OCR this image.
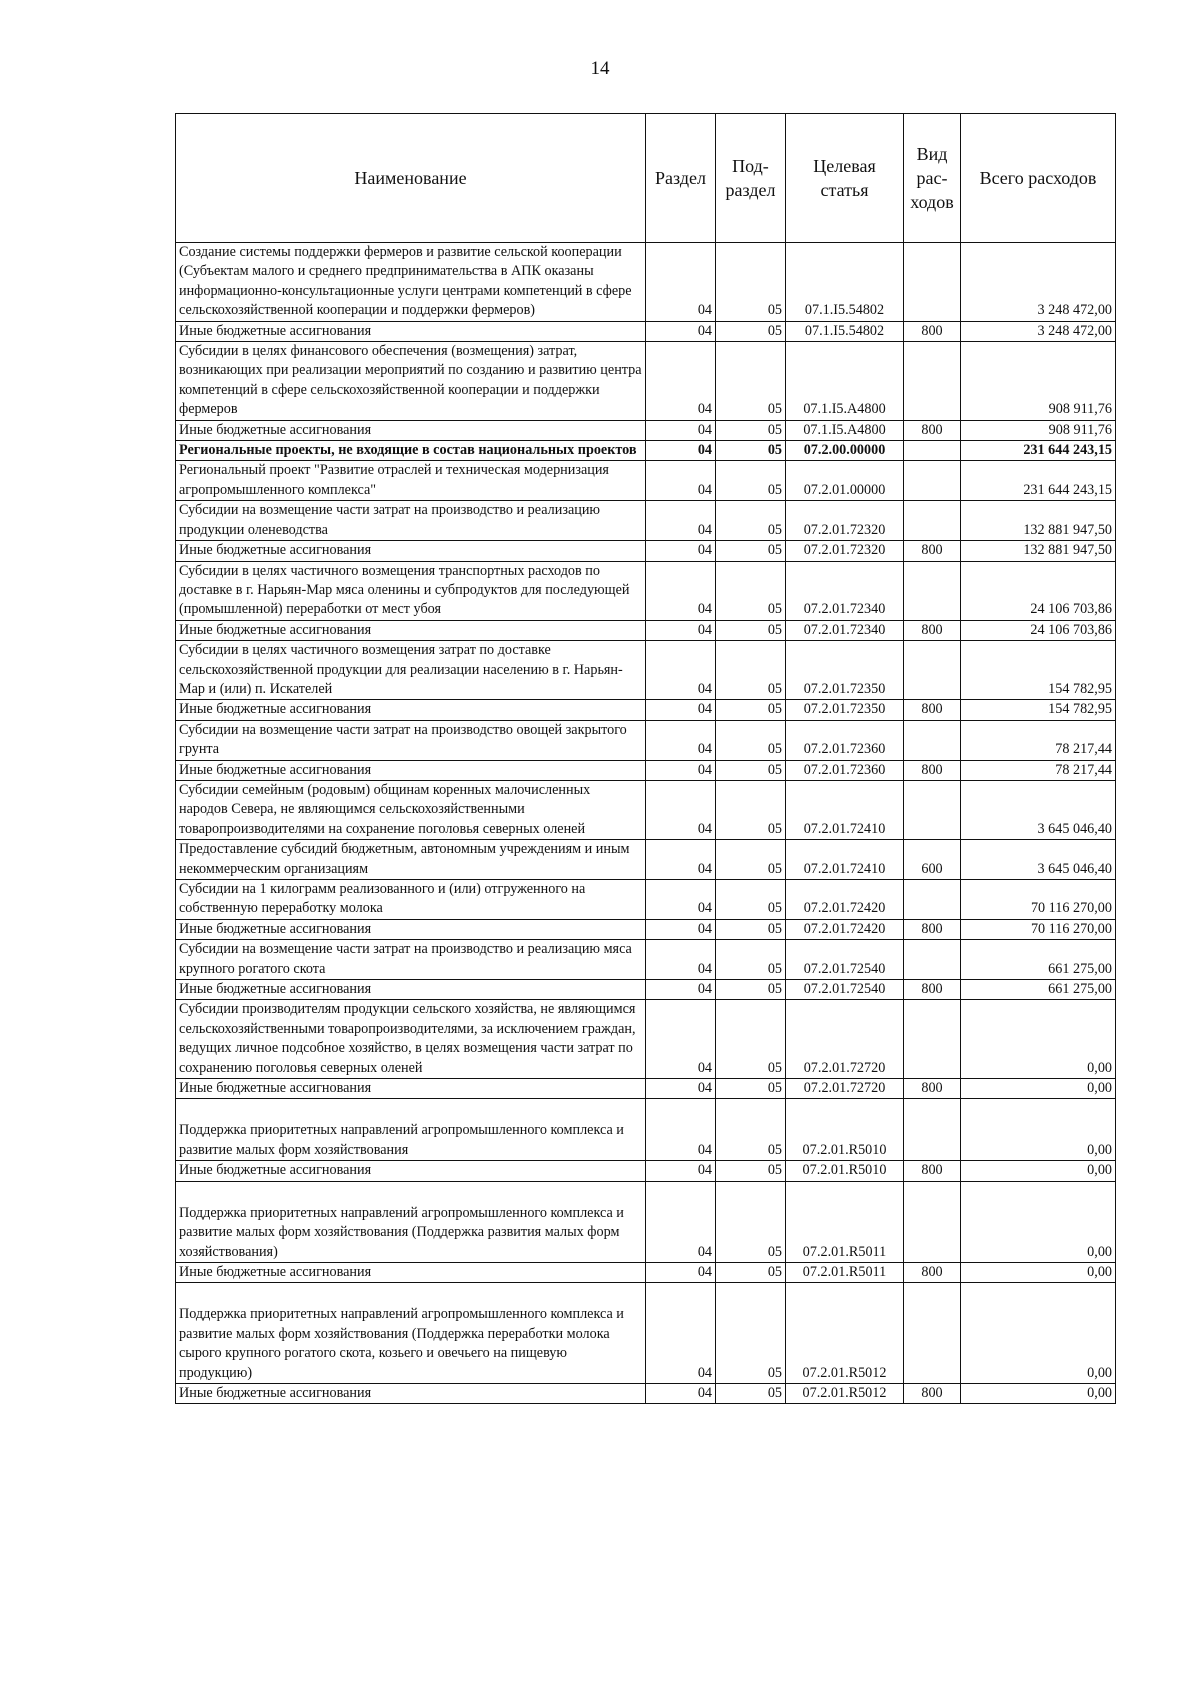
14
Наименование	Раздел	Под-раздел	Целевая статья	Вид рас-ходов	Всего расходов
Создание системы поддержки фермеров и развитие сельской кооперации (Субъектам малого и среднего предпринимательства в АПК оказаны информационно-консультационные услуги центрами компетенций в сфере сельскохозяйственной кооперации и поддержки фермеров)	04	05	07.1.I5.54802		3 248 472,00
Иные бюджетные ассигнования	04	05	07.1.I5.54802	800	3 248 472,00
Субсидии в целях финансового обеспечения (возмещения) затрат, возникающих при реализации мероприятий по созданию и развитию центра компетенций в сфере сельскохозяйственной кооперации и поддержки фермеров	04	05	07.1.I5.A4800		908 911,76
Иные бюджетные ассигнования	04	05	07.1.I5.A4800	800	908 911,76
Региональные проекты, не входящие в состав национальных проектов	04	05	07.2.00.00000		231 644 243,15
Региональный проект "Развитие отраслей и техническая модернизация агропромышленного комплекса"	04	05	07.2.01.00000		231 644 243,15
Субсидии на возмещение части затрат на производство и реализацию продукции оленеводства	04	05	07.2.01.72320		132 881 947,50
Иные бюджетные ассигнования	04	05	07.2.01.72320	800	132 881 947,50
Субсидии в целях частичного возмещения транспортных расходов по доставке в г. Нарьян-Мар мяса оленины и субпродуктов для последующей (промышленной) переработки от мест убоя	04	05	07.2.01.72340		24 106 703,86
Иные бюджетные ассигнования	04	05	07.2.01.72340	800	24 106 703,86
Субсидии в целях частичного возмещения затрат по доставке сельскохозяйственной продукции для реализации населению в г. Нарьян-Мар и (или) п. Искателей	04	05	07.2.01.72350		154 782,95
Иные бюджетные ассигнования	04	05	07.2.01.72350	800	154 782,95
Субсидии на возмещение части затрат на производство овощей закрытого грунта	04	05	07.2.01.72360		78 217,44
Иные бюджетные ассигнования	04	05	07.2.01.72360	800	78 217,44
Субсидии семейным (родовым) общинам коренных малочисленных народов Севера, не являющимся сельскохозяйственными товаропроизводителями на сохранение поголовья северных оленей	04	05	07.2.01.72410		3 645 046,40
Предоставление субсидий бюджетным, автономным учреждениям и иным некоммерческим организациям	04	05	07.2.01.72410	600	3 645 046,40
Субсидии на 1 килограмм реализованного и (или) отгруженного на собственную переработку молока	04	05	07.2.01.72420		70 116 270,00
Иные бюджетные ассигнования	04	05	07.2.01.72420	800	70 116 270,00
Субсидии на возмещение части затрат на производство и реализацию мяса крупного рогатого скота	04	05	07.2.01.72540		661 275,00
Иные бюджетные ассигнования	04	05	07.2.01.72540	800	661 275,00
Субсидии производителям продукции сельского хозяйства, не являющимся сельскохозяйственными товаропроизводителями, за исключением граждан, ведущих личное подсобное хозяйство, в целях возмещения части затрат по сохранению поголовья северных оленей	04	05	07.2.01.72720		0,00
Иные бюджетные ассигнования	04	05	07.2.01.72720	800	0,00
Поддержка приоритетных направлений агропромышленного комплекса и развитие малых форм хозяйствования	04	05	07.2.01.R5010		0,00
Иные бюджетные ассигнования	04	05	07.2.01.R5010	800	0,00
Поддержка приоритетных направлений агропромышленного комплекса и развитие малых форм хозяйствования (Поддержка развития малых форм хозяйствования)	04	05	07.2.01.R5011		0,00
Иные бюджетные ассигнования	04	05	07.2.01.R5011	800	0,00
Поддержка приоритетных направлений агропромышленного комплекса и развитие малых форм хозяйствования (Поддержка переработки молока сырого крупного рогатого скота, козьего и овечьего на пищевую продукцию)	04	05	07.2.01.R5012		0,00
Иные бюджетные ассигнования	04	05	07.2.01.R5012	800	0,00
